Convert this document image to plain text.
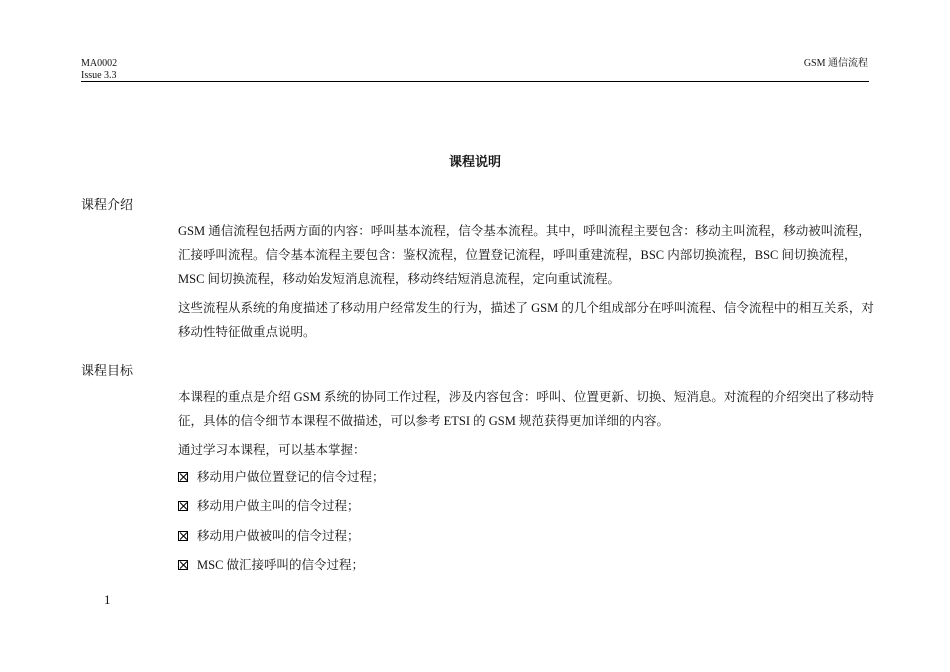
MA0002
Issue 3.3
GSM 通信流程
课程说明
课程介绍

GSM 通信流程包括两方面的内容：呼叫基本流程，信令基本流程。其中，呼叫流程主要包含：移动主叫流程，移动被叫流程，汇接呼叫流程。信令基本流程主要包含：鉴权流程，位置登记流程，呼叫重建流程，BSC 内部切换流程，BSC 间切换流程，MSC 间切换流程，移动始发短消息流程，移动终结短消息流程，定向重试流程。

这些流程从系统的角度描述了移动用户经常发生的行为，描述了 GSM 的几个组成部分在呼叫流程、信令流程中的相互关系，对移动性特征做重点说明。

课程目标

本课程的重点是介绍 GSM 系统的协同工作过程，涉及内容包含：呼叫、位置更新、切换、短消息。对流程的介绍突出了移动特征，具体的信令细节本课程不做描述，可以参考 ETSI 的 GSM 规范获得更加详细的内容。

通过学习本课程，可以基本掌握：

移动用户做位置登记的信令过程；
移动用户做主叫的信令过程；
移动用户做被叫的信令过程；
MSC 做汇接呼叫的信令过程；
1
